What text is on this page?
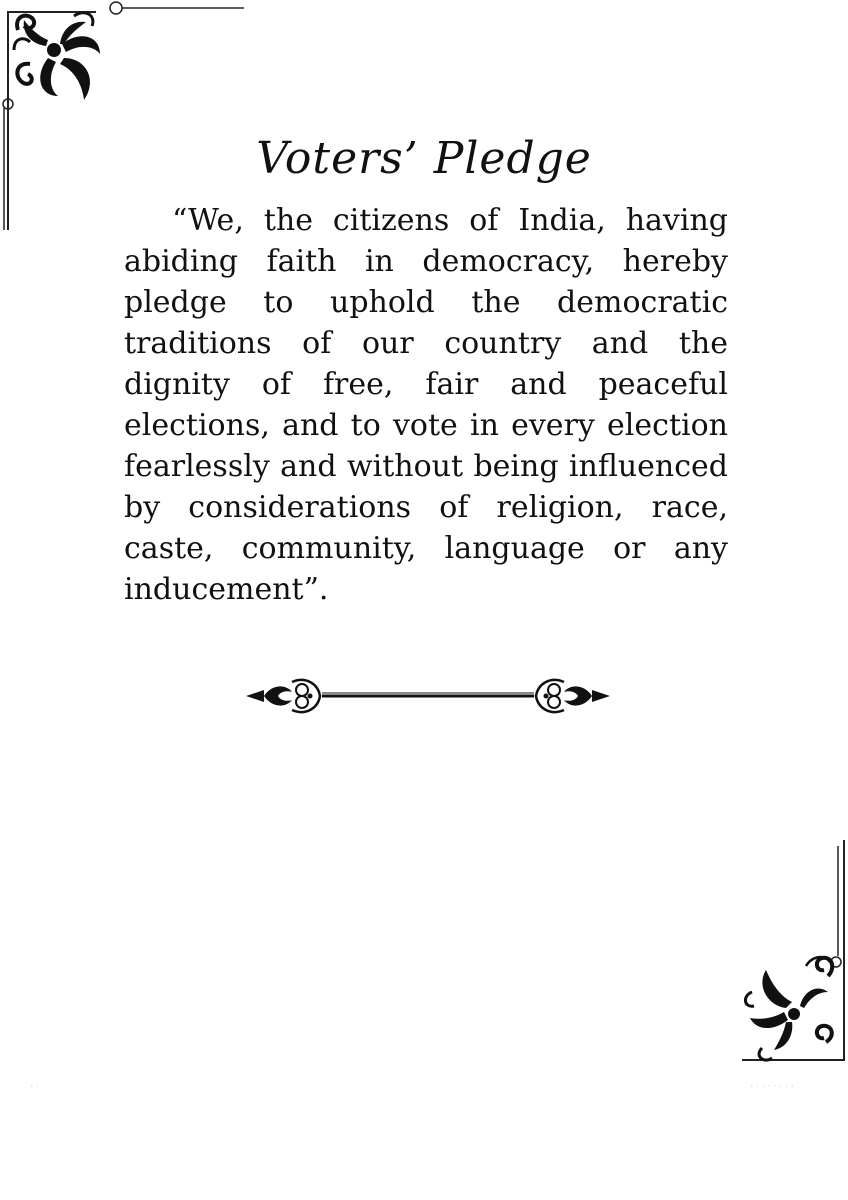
Voters’ Pledge

“We, the citizens of India, having abiding faith in democracy, hereby pledge to uphold the democratic traditions of our country and the dignity of free, fair and peaceful elections, and to vote in every election fearlessly and without being influenced by considerations of religion, race, caste, community, language or any inducement”.

··	········
